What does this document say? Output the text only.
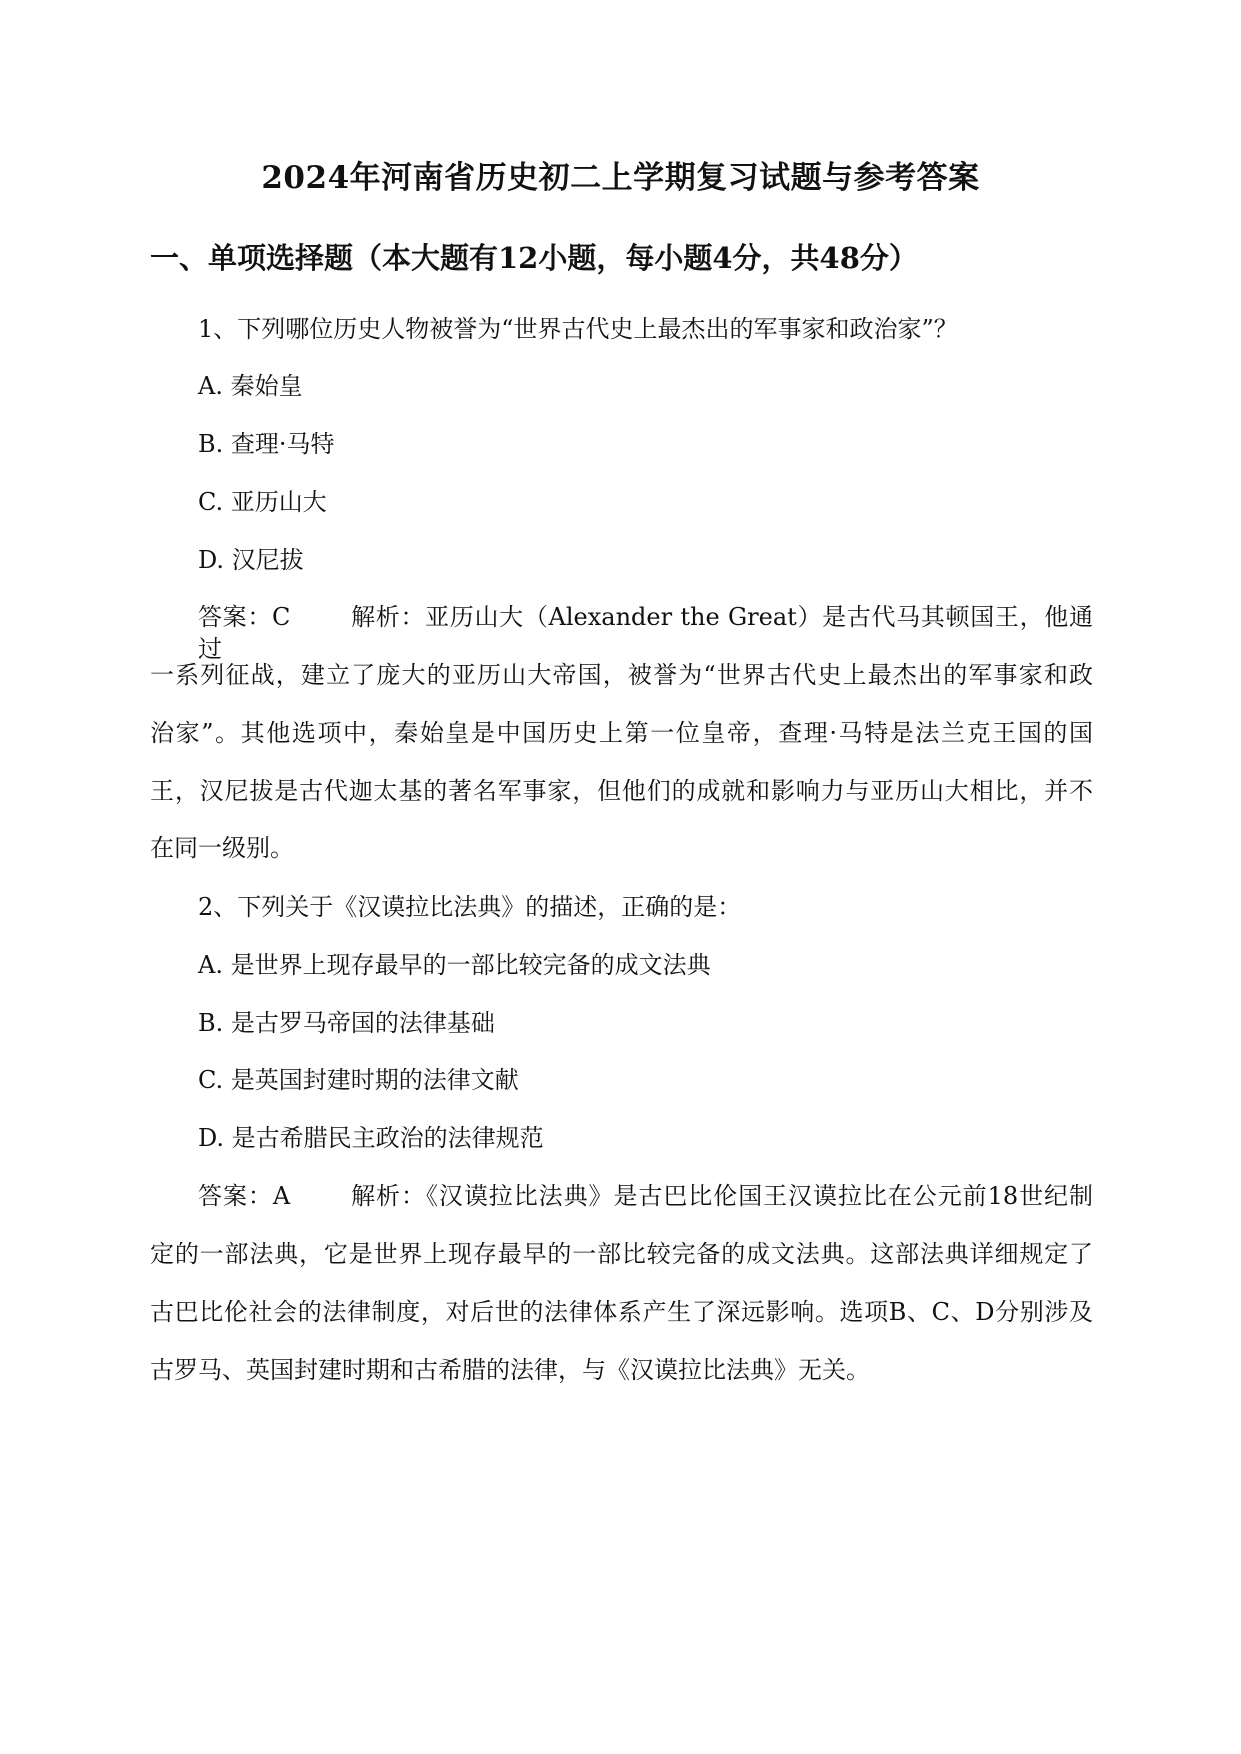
2024年河南省历史初二上学期复习试题与参考答案
一、单项选择题（本大题有12小题，每小题4分，共48分）
1、下列哪位历史人物被誉为“世界古代史上最杰出的军事家和政治家”？
A. 秦始皇
B. 查理·马特
C. 亚历山大
D. 汉尼拔
答案：C	解析：亚历山大（Alexander the Great）是古代马其顿国王，他通过
一系列征战，建立了庞大的亚历山大帝国，被誉为“世界古代史上最杰出的军事家和政
治家”。其他选项中，秦始皇是中国历史上第一位皇帝，查理·马特是法兰克王国的国
王，汉尼拔是古代迦太基的著名军事家，但他们的成就和影响力与亚历山大相比，并不
在同一级别。
2、下列关于《汉谟拉比法典》的描述，正确的是：
A. 是世界上现存最早的一部比较完备的成文法典
B. 是古罗马帝国的法律基础
C. 是英国封建时期的法律文献
D. 是古希腊民主政治的法律规范
答案：A	解析：《汉谟拉比法典》是古巴比伦国王汉谟拉比在公元前18世纪制
定的一部法典，它是世界上现存最早的一部比较完备的成文法典。这部法典详细规定了
古巴比伦社会的法律制度，对后世的法律体系产生了深远影响。选项B、C、D分别涉及
古罗马、英国封建时期和古希腊的法律，与《汉谟拉比法典》无关。
